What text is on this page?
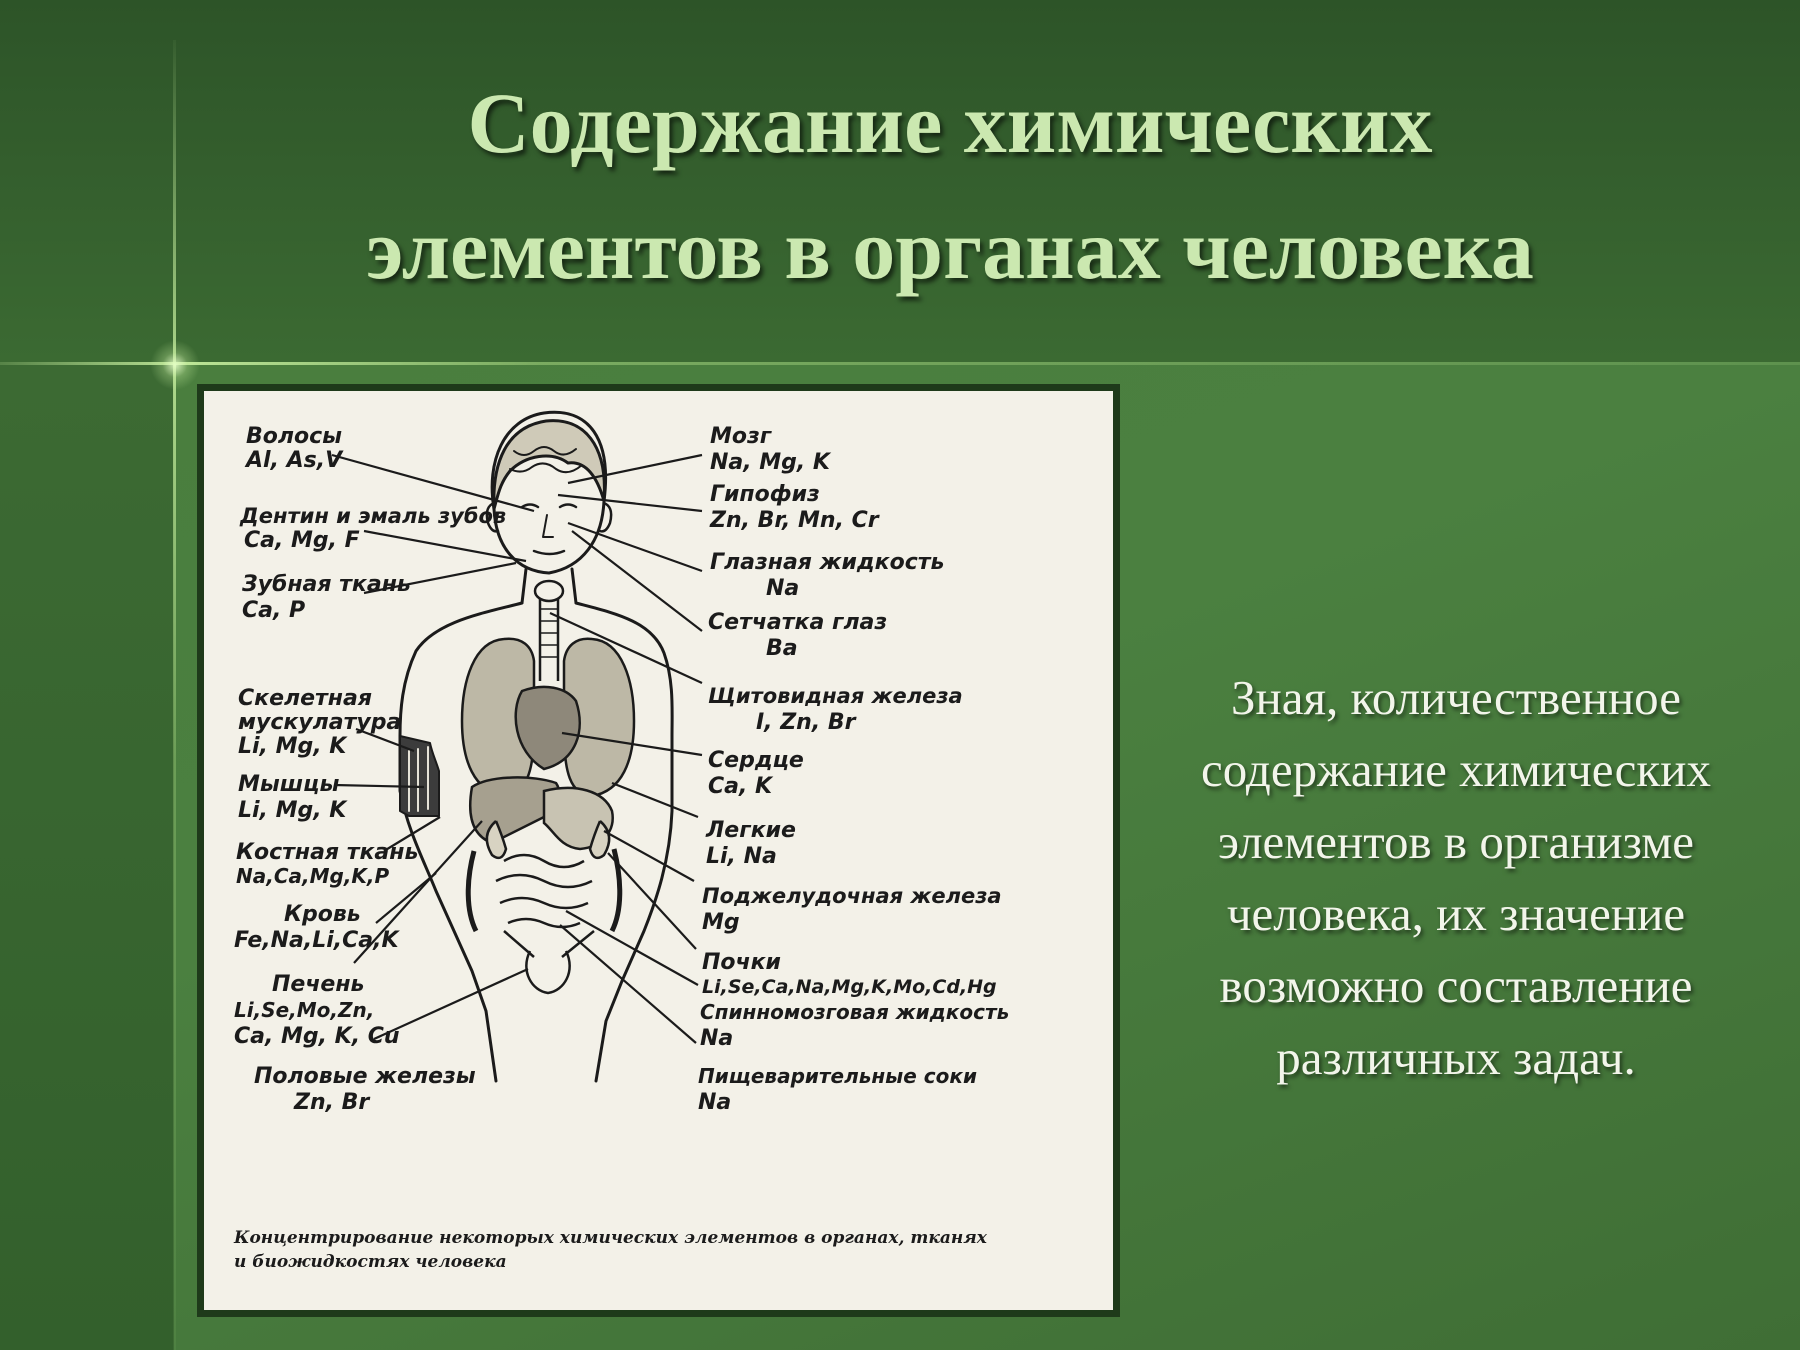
Содержание химических
элементов в органах человека
Волосы
Al, As,V
Дентин и эмаль зубов
Ca, Mg, F
Зубная ткань
Ca, P
Скелетная
мускулатура
Li, Mg, K
Мышцы
Li, Mg, K
Костная ткань
Na,Ca,Mg,K,P
Кровь
Fe,Na,Li,Ca,K
Печень
Li,Se,Mo,Zn,
Ca, Mg, K, Cu
Половые железы
Zn, Br
Мозг
Na, Mg, K
Гипофиз
Zn, Br, Mn, Cr
Глазная жидкость
Na
Сетчатка глаз
Ba
Щитовидная железа
I, Zn, Br
Сердце
Ca, K
Легкие
Li, Na
Поджелудочная железа
Mg
Почки
Li,Se,Ca,Na,Mg,K,Mo,Cd,Hg
Спинномозговая жидкость
Na
Пищеварительные соки
Na
Концентрирование некоторых химических элементов в органах, тканях
и биожидкостях человека

Зная, количественное содержание химических элементов в организме человека, их значение возможно составление различных задач.
